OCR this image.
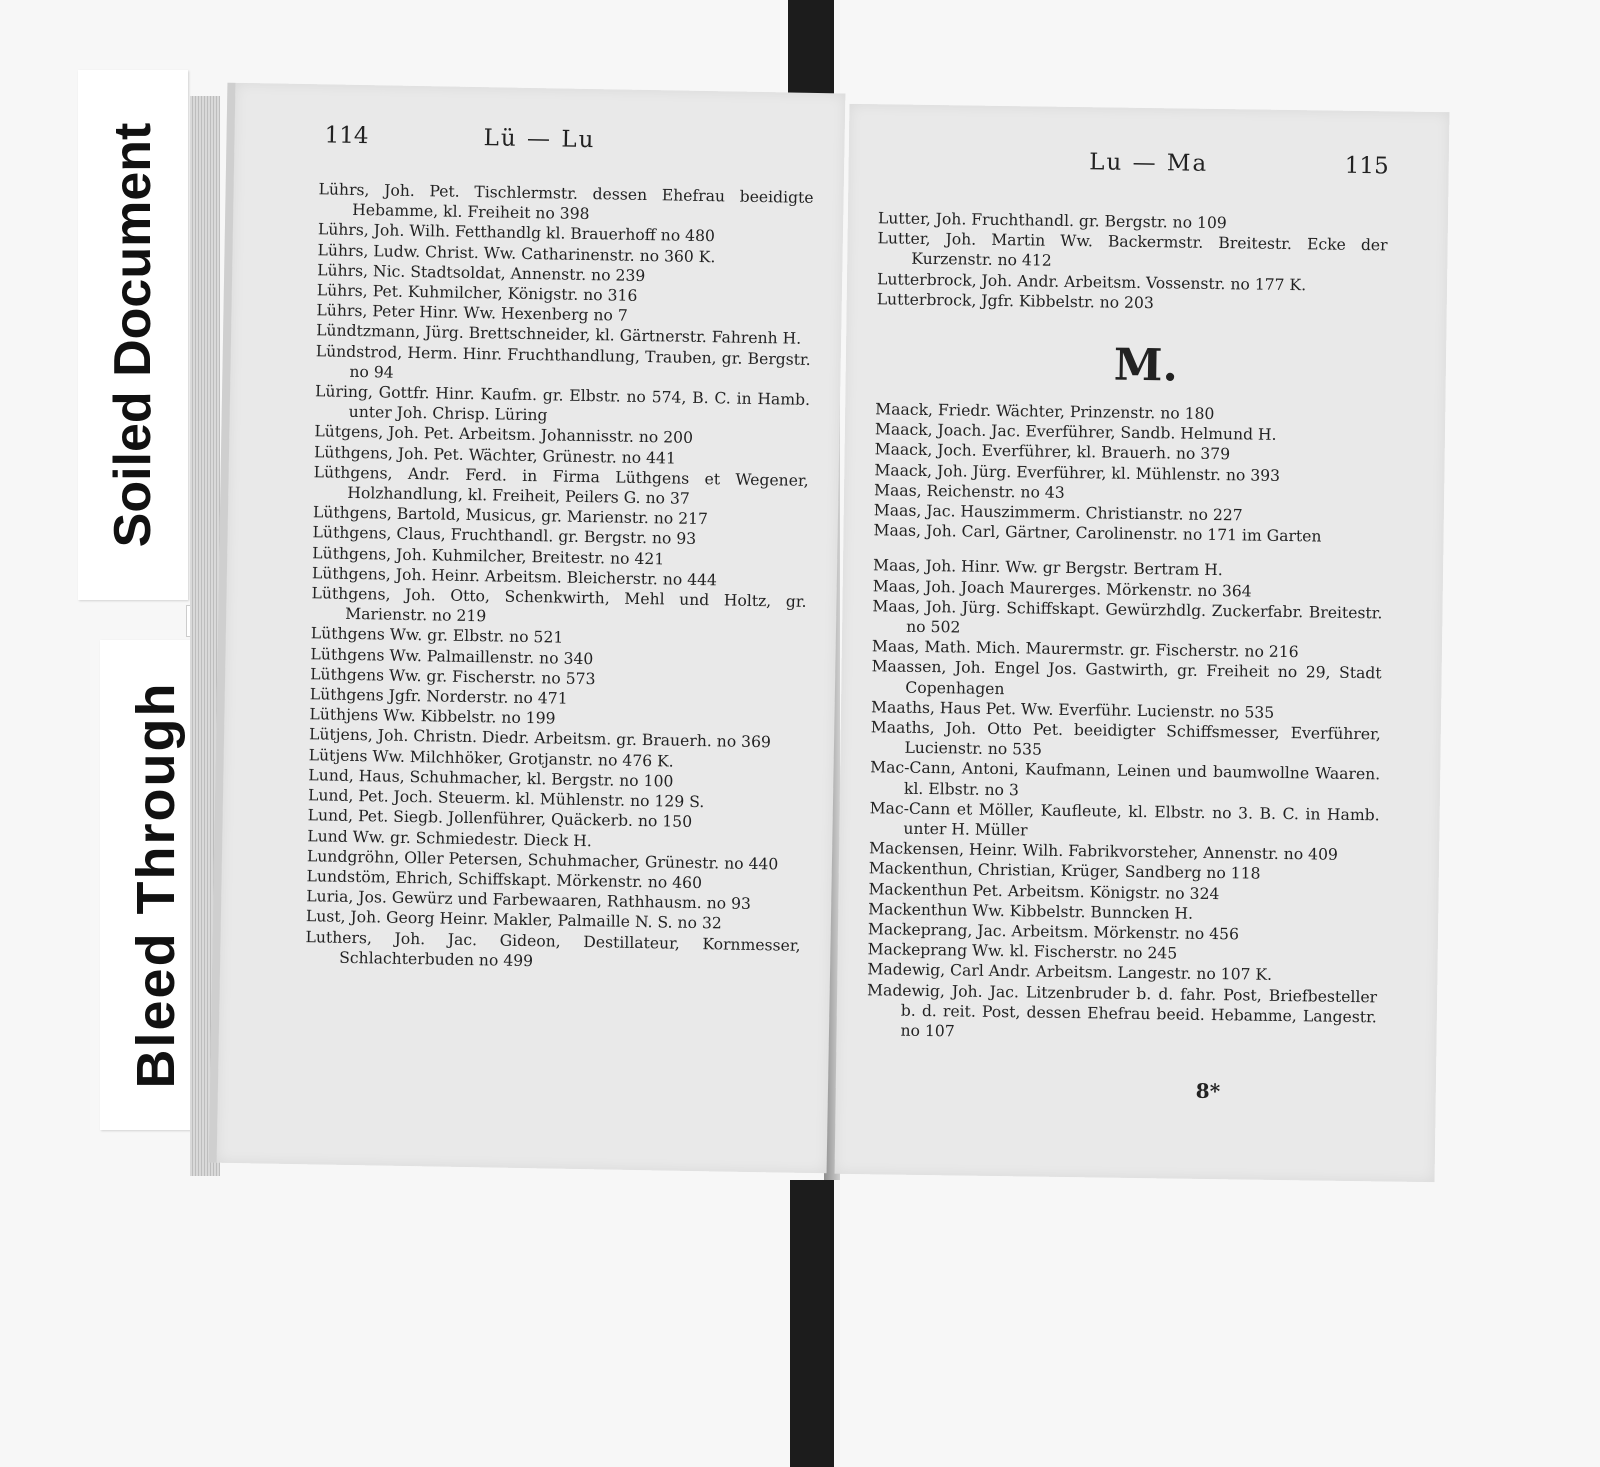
Soiled Document
Bleed Through
114	Lü — Lu
Lührs, Joh. Pet. Tischlermstr. dessen Ehefrau beeidigte Hebamme, kl. Freiheit no 398
Lührs, Joh. Wilh. Fetthandlg kl. Brauerhoff no 480
Lührs, Ludw. Christ. Ww. Catharinenstr. no 360 K.
Lührs, Nic. Stadtsoldat, Annenstr. no 239
Lührs, Pet. Kuhmilcher, Königstr. no 316
Lührs, Peter Hinr. Ww. Hexenberg no 7
Lündtzmann, Jürg. Brettschneider, kl. Gärtnerstr. Fahrenh H.
Lündstrod, Herm. Hinr. Fruchthandlung, Trauben, gr. Bergstr. no 94
Lüring, Gottfr. Hinr. Kaufm. gr. Elbstr. no 574, B. C. in Hamb. unter Joh. Chrisp. Lüring
Lütgens, Joh. Pet. Arbeitsm. Johannisstr. no 200
Lüthgens, Joh. Pet. Wächter, Grünestr. no 441
Lüthgens, Andr. Ferd. in Firma Lüthgens et Wegener, Holzhandlung, kl. Freiheit, Peilers G. no 37
Lüthgens, Bartold, Musicus, gr. Marienstr. no 217
Lüthgens, Claus, Fruchthandl. gr. Bergstr. no 93
Lüthgens, Joh. Kuhmilcher, Breitestr. no 421
Lüthgens, Joh. Heinr. Arbeitsm. Bleicherstr. no 444
Lüthgens, Joh. Otto, Schenkwirth, Mehl und Holtz, gr. Marienstr. no 219
Lüthgens Ww. gr. Elbstr. no 521
Lüthgens Ww. Palmaillenstr. no 340
Lüthgens Ww. gr. Fischerstr. no 573
Lüthgens Jgfr. Norderstr. no 471
Lüthjens Ww. Kibbelstr. no 199
Lütjens, Joh. Christn. Diedr. Arbeitsm. gr. Brauerh. no 369
Lütjens Ww. Milchhöker, Grotjanstr. no 476 K.
Lund, Haus, Schuhmacher, kl. Bergstr. no 100
Lund, Pet. Joch. Steuerm. kl. Mühlenstr. no 129 S.
Lund, Pet. Siegb. Jollenführer, Quäckerb. no 150
Lund Ww. gr. Schmiedestr. Dieck H.
Lundgröhn, Oller Petersen, Schuhmacher, Grünestr. no 440
Lundstöm, Ehrich, Schiffskapt. Mörkenstr. no 460
Luria, Jos. Gewürz und Farbewaaren, Rathhausm. no 93
Lust, Joh. Georg Heinr. Makler, Palmaille N. S. no 32
Luthers, Joh. Jac. Gideon, Destillateur, Kornmesser, Schlachterbuden no 499
Lu — Ma	115
Lutter, Joh. Fruchthandl. gr. Bergstr. no 109
Lutter, Joh. Martin Ww. Backermstr. Breitestr. Ecke der Kurzenstr. no 412
Lutterbrock, Joh. Andr. Arbeitsm. Vossenstr. no 177 K.
Lutterbrock, Jgfr. Kibbelstr. no 203
M.
Maack, Friedr. Wächter, Prinzenstr. no 180
Maack, Joach. Jac. Everführer, Sandb. Helmund H.
Maack, Joch. Everführer, kl. Brauerh. no 379
Maack, Joh. Jürg. Everführer, kl. Mühlenstr. no 393
Maas, Reichenstr. no 43
Maas, Jac. Hauszimmerm. Christianstr. no 227
Maas, Joh. Carl, Gärtner, Carolinenstr. no 171 im Garten
Maas, Joh. Hinr. Ww. gr Bergstr. Bertram H.
Maas, Joh. Joach Maurerges. Mörkenstr. no 364
Maas, Joh. Jürg. Schiffskapt. Gewürzhdlg. Zuckerfabr. Breitestr. no 502
Maas, Math. Mich. Maurermstr. gr. Fischerstr. no 216
Maassen, Joh. Engel Jos. Gastwirth, gr. Freiheit no 29, Stadt Copenhagen
Maaths, Haus Pet. Ww. Everführ. Lucienstr. no 535
Maaths, Joh. Otto Pet. beeidigter Schiffsmesser, Everführer, Lucienstr. no 535
Mac-Cann, Antoni, Kaufmann, Leinen und baumwollne Waaren. kl. Elbstr. no 3
Mac-Cann et Möller, Kaufleute, kl. Elbstr. no 3. B. C. in Hamb. unter H. Müller
Mackensen, Heinr. Wilh. Fabrikvorsteher, Annenstr. no 409
Mackenthun, Christian, Krüger, Sandberg no 118
Mackenthun Pet. Arbeitsm. Königstr. no 324
Mackenthun Ww. Kibbelstr. Bunncken H.
Mackeprang, Jac. Arbeitsm. Mörkenstr. no 456
Mackeprang Ww. kl. Fischerstr. no 245
Madewig, Carl Andr. Arbeitsm. Langestr. no 107 K.
Madewig, Joh. Jac. Litzenbruder b. d. fahr. Post, Briefbesteller b. d. reit. Post, dessen Ehefrau beeid. Hebamme, Langestr. no 107
8*
